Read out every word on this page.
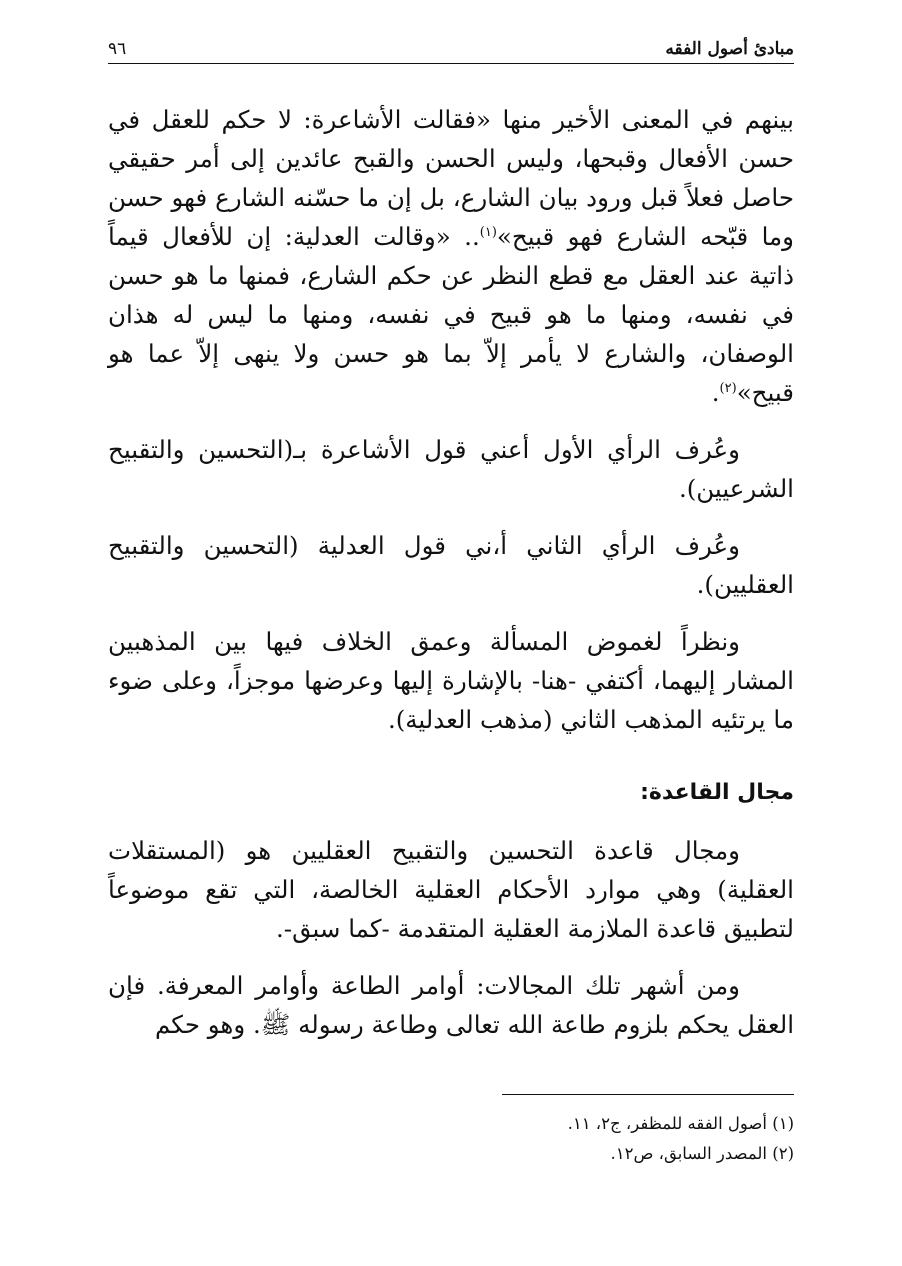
مبادئ أصول الفقه
٩٦

بينهم في المعنى الأخير منها «فقالت الأشاعرة: لا حكم للعقل في حسن الأفعال وقبحها، وليس الحسن والقبح عائدين إلى أمر حقيقي حاصل فعلاً قبل ورود بيان الشارع، بل إن ما حسّنه الشارع فهو حسن وما قبّحه الشارع فهو قبيح»$^{(١)}$.. «وقالت العدلية: إن للأفعال قيماً ذاتية عند العقل مع قطع النظر عن حكم الشارع، فمنها ما هو حسن في نفسه، ومنها ما هو قبيح في نفسه، ومنها ما ليس له هذان الوصفان، والشارع لا يأمر إلاّ بما هو حسن ولا ينهى إلاّ عما هو قبيح»$^{(٢)}$.

وعُرف الرأي الأول أعني قول الأشاعرة بـ(التحسين والتقبيح الشرعيين).

وعُرف الرأي الثاني أ،ني قول العدلية (التحسين والتقبيح العقليين).

ونظراً لغموض المسألة وعمق الخلاف فيها بين المذهبين المشار إليهما، أكتفي -هنا- بالإشارة إليها وعرضها موجزاً، وعلى ضوء ما يرتئيه المذهب الثاني (مذهب العدلية).

مجال القاعدة:

ومجال قاعدة التحسين والتقبيح العقليين هو (المستقلات العقلية) وهي موارد الأحكام العقلية الخالصة، التي تقع موضوعاً لتطبيق قاعدة الملازمة العقلية المتقدمة -كما سبق-.

ومن أشهر تلك المجالات: أوامر الطاعة وأوامر المعرفة. فإن العقل يحكم بلزوم طاعة الله تعالى وطاعة رسوله ﷺ. وهو حكم

(١) أصول الفقه للمظفر، ج٢، ١١.

(٢) المصدر السابق، ص١٢.
